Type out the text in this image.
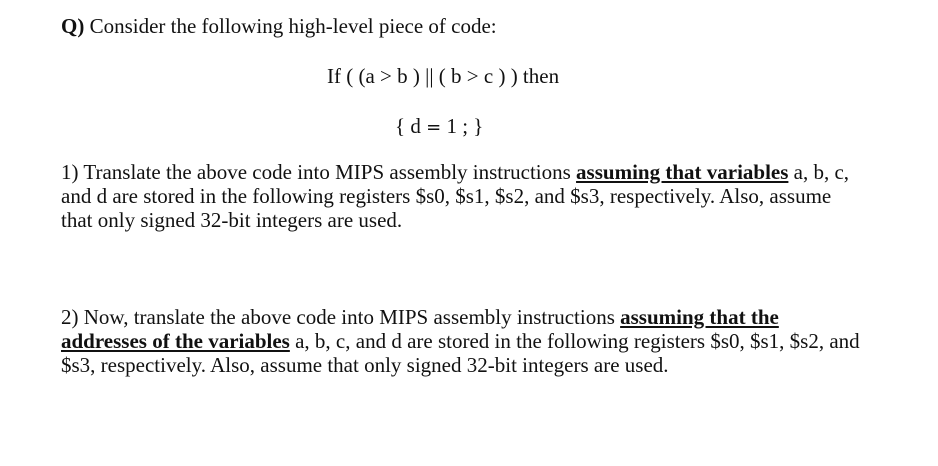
Q) Consider the following high-level piece of code:
If ( (a > b ) || ( b > c ) ) then
{ d = 1 ; }
1) Translate the above code into MIPS assembly instructions assuming that variables a, b, c, and d are stored in the following registers $s0, $s1, $s2, and $s3, respectively. Also, assume that only signed 32-bit integers are used.
2) Now, translate the above code into MIPS assembly instructions assuming that the addresses of the variables a, b, c, and d are stored in the following registers $s0, $s1, $s2, and $s3, respectively. Also, assume that only signed 32-bit integers are used.
